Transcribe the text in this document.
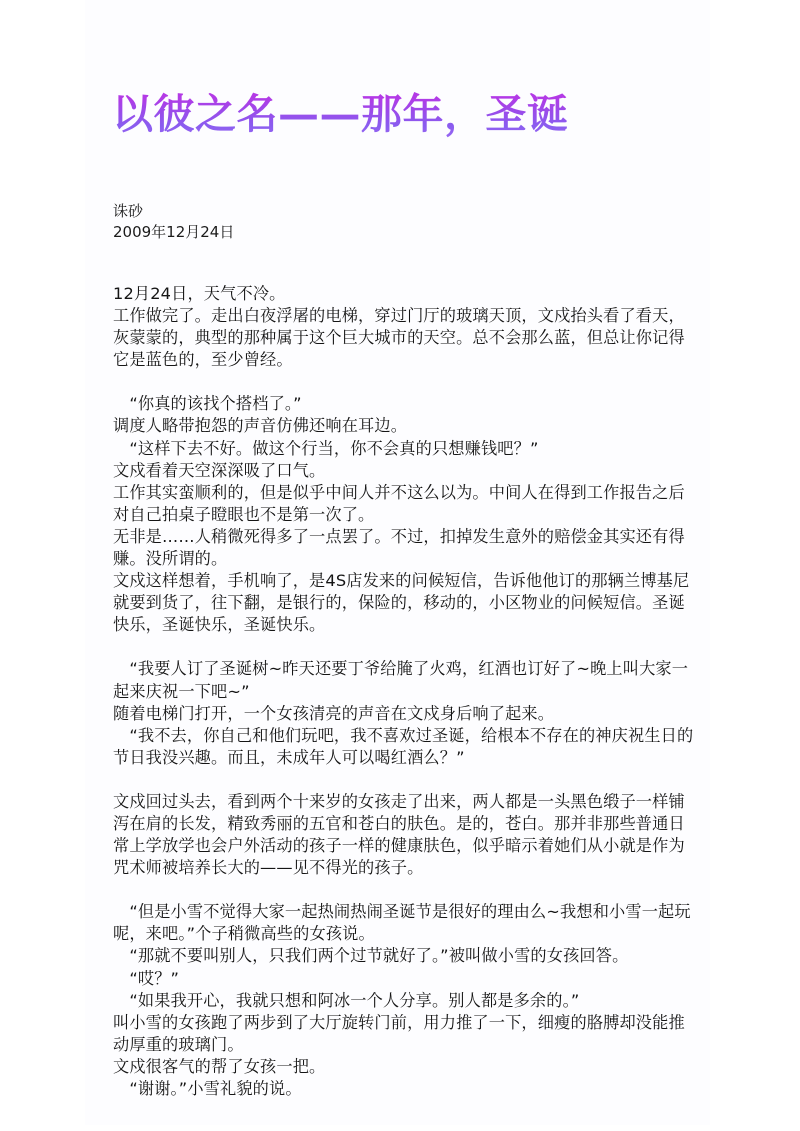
以彼之名——那年，圣诞
诛砂
2009年12月24日

12月24日，天气不冷。
工作做完了。走出白夜浮屠的电梯，穿过门厅的玻璃天顶，文戍抬头看了看天，灰蒙蒙的，典型的那种属于这个巨大城市的天空。总不会那么蓝，但总让你记得它是蓝色的，至少曾经。

　“你真的该找个搭档了。”
调度人略带抱怨的声音仿佛还响在耳边。
　“这样下去不好。做这个行当，你不会真的只想赚钱吧？”
文戍看着天空深深吸了口气。
工作其实蛮顺利的，但是似乎中间人并不这么以为。中间人在得到工作报告之后对自己拍桌子瞪眼也不是第一次了。
无非是……人稍微死得多了一点罢了。不过，扣掉发生意外的赔偿金其实还有得赚。没所谓的。
文戍这样想着，手机响了，是4S店发来的问候短信，告诉他他订的那辆兰博基尼就要到货了，往下翻，是银行的，保险的，移动的，小区物业的问候短信。圣诞快乐，圣诞快乐，圣诞快乐。

　“我要人订了圣诞树~昨天还要丁爷给腌了火鸡，红酒也订好了~晚上叫大家一起来庆祝一下吧~”
随着电梯门打开，一个女孩清亮的声音在文戍身后响了起来。
　“我不去，你自己和他们玩吧，我不喜欢过圣诞，给根本不存在的神庆祝生日的节日我没兴趣。而且，未成年人可以喝红酒么？”

文戍回过头去，看到两个十来岁的女孩走了出来，两人都是一头黑色缎子一样铺泻在肩的长发，精致秀丽的五官和苍白的肤色。是的，苍白。那并非那些普通日常上学放学也会户外活动的孩子一样的健康肤色，似乎暗示着她们从小就是作为咒术师被培养长大的——见不得光的孩子。

　“但是小雪不觉得大家一起热闹热闹圣诞节是很好的理由么~我想和小雪一起玩呢，来吧。”个子稍微高些的女孩说。
　“那就不要叫别人，只我们两个过节就好了。”被叫做小雪的女孩回答。
　“哎？”
　“如果我开心，我就只想和阿冰一个人分享。别人都是多余的。”
叫小雪的女孩跑了两步到了大厅旋转门前，用力推了一下，细瘦的胳膊却没能推动厚重的玻璃门。
文戍很客气的帮了女孩一把。
　“谢谢。”小雪礼貌的说。
